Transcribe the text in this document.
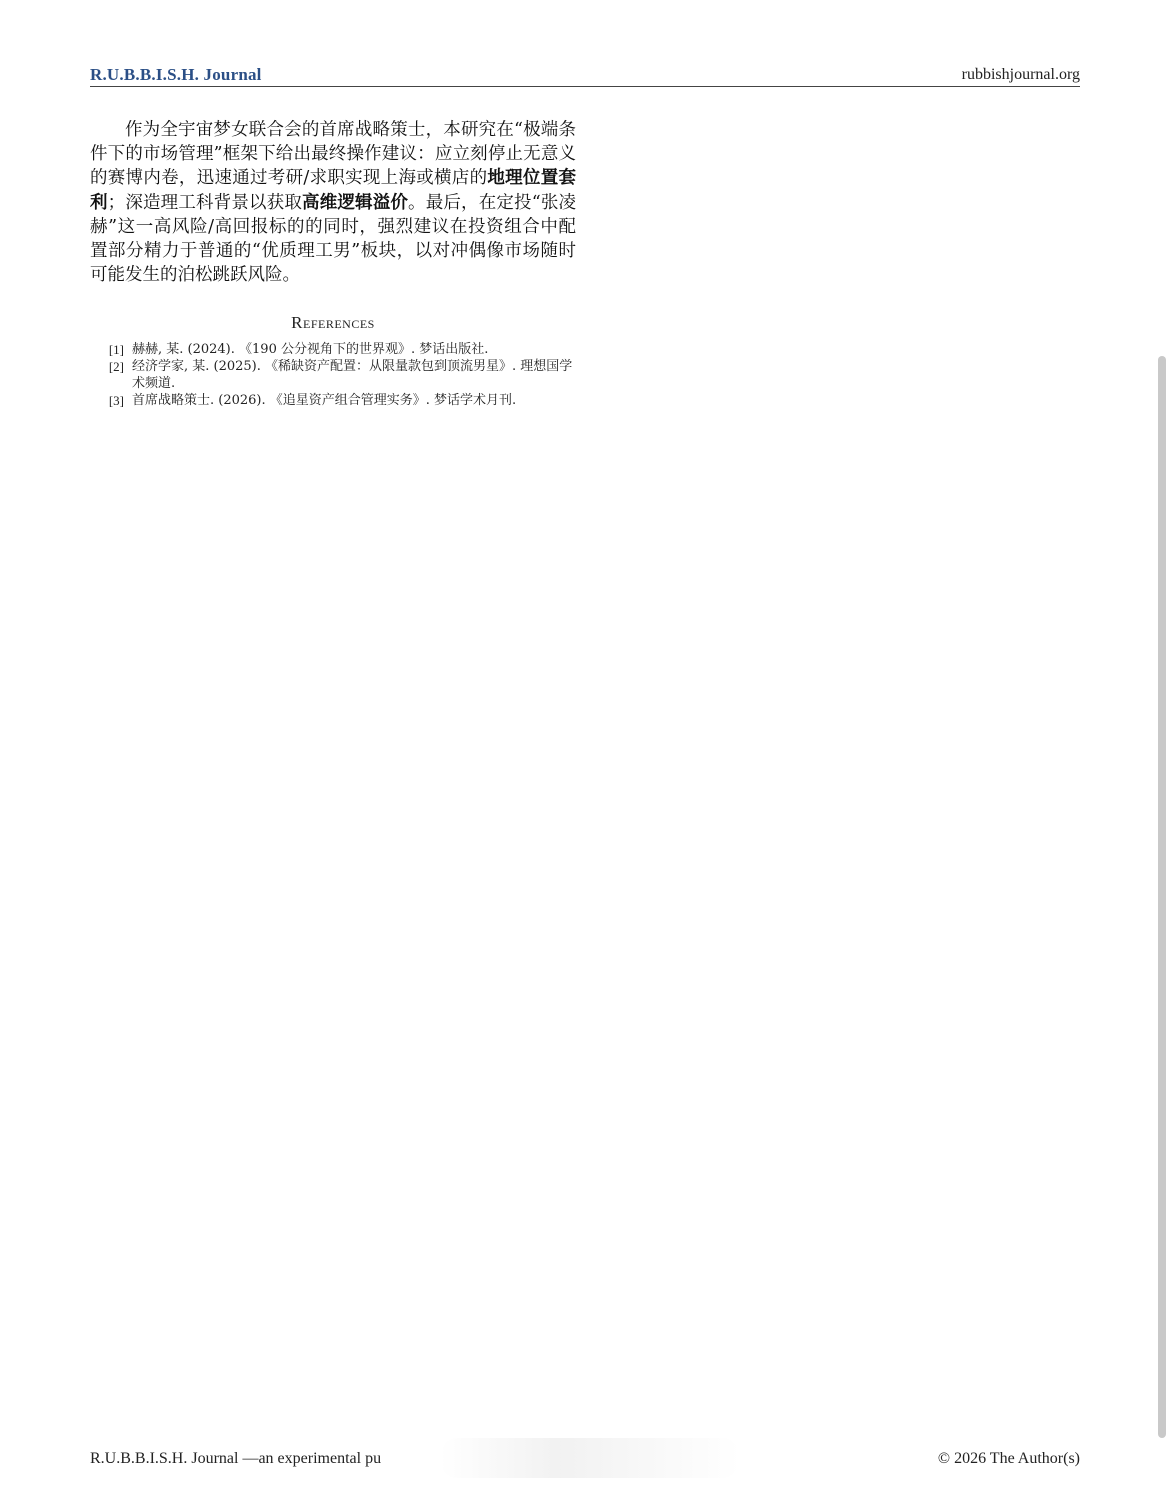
R.U.B.B.I.S.H. Journal	rubbishjournal.org

作为全宇宙梦女联合会的首席战略策士，本研究在“极端条件下的市场管理”框架下给出最终操作建议：应立刻停止无意义的赛博内卷，迅速通过考研/求职实现上海或横店的地理位置套利；深造理工科背景以获取高维逻辑溢价。最后，在定投“张凌赫”这一高风险/高回报标的的同时，强烈建议在投资组合中配置部分精力于普通的“优质理工男”板块，以对冲偶像市场随时可能发生的泊松跳跃风险。

References
[1] 赫赫, 某. (2024). 《190 公分视角下的世界观》. 梦话出版社.
[2] 经济学家, 某. (2025). 《稀缺资产配置：从限量款包到顶流男星》. 理想国学术频道.
[3] 首席战略策士. (2026). 《追星资产组合管理实务》. 梦话学术月刊.
R.U.B.B.I.S.H. Journal —an experimental pu	© 2026 The Author(s)
